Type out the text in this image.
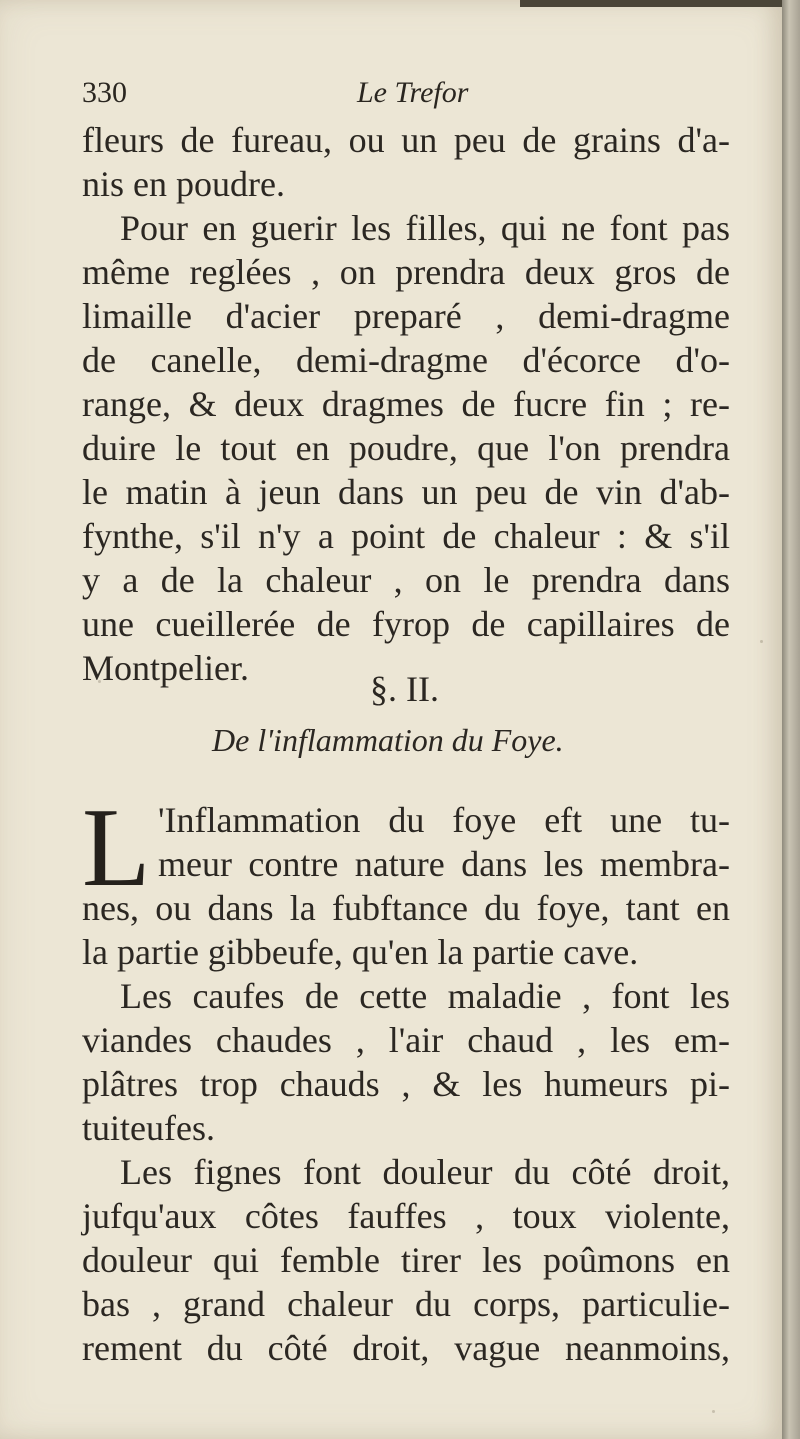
330	Le Trefor
fleurs de fureau, ou un peu de grains d'a-
nis en poudre.
Pour en guerir les filles, qui ne font pas
même reglées , on prendra deux gros de
limaille d'acier preparé , demi-dragme
de canelle, demi-dragme d'écorce d'o-
range, & deux dragmes de fucre fin ; re-
duire le tout en poudre, que l'on prendra
le matin à jeun dans un peu de vin d'ab-
fynthe, s'il n'y a point de chaleur : & s'il
y a de la chaleur , on le prendra dans
une cueillerée de fyrop de capillaires de
Montpelier.
§. II.
De l'inflammation du Foye.
L 'Inflammation du foye eft une tu-
meur contre nature dans les membra-
nes, ou dans la fubftance du foye, tant en
la partie gibbeufe, qu'en la partie cave.
Les caufes de cette maladie , font les
viandes chaudes , l'air chaud , les em-
plâtres trop chauds , & les humeurs pi-
tuiteufes.
Les fignes font douleur du côté droit,
jufqu'aux côtes fauffes , toux violente,
douleur qui femble tirer les poûmons en
bas , grand chaleur du corps, particulie-
rement du côté droit, vague neanmoins,
